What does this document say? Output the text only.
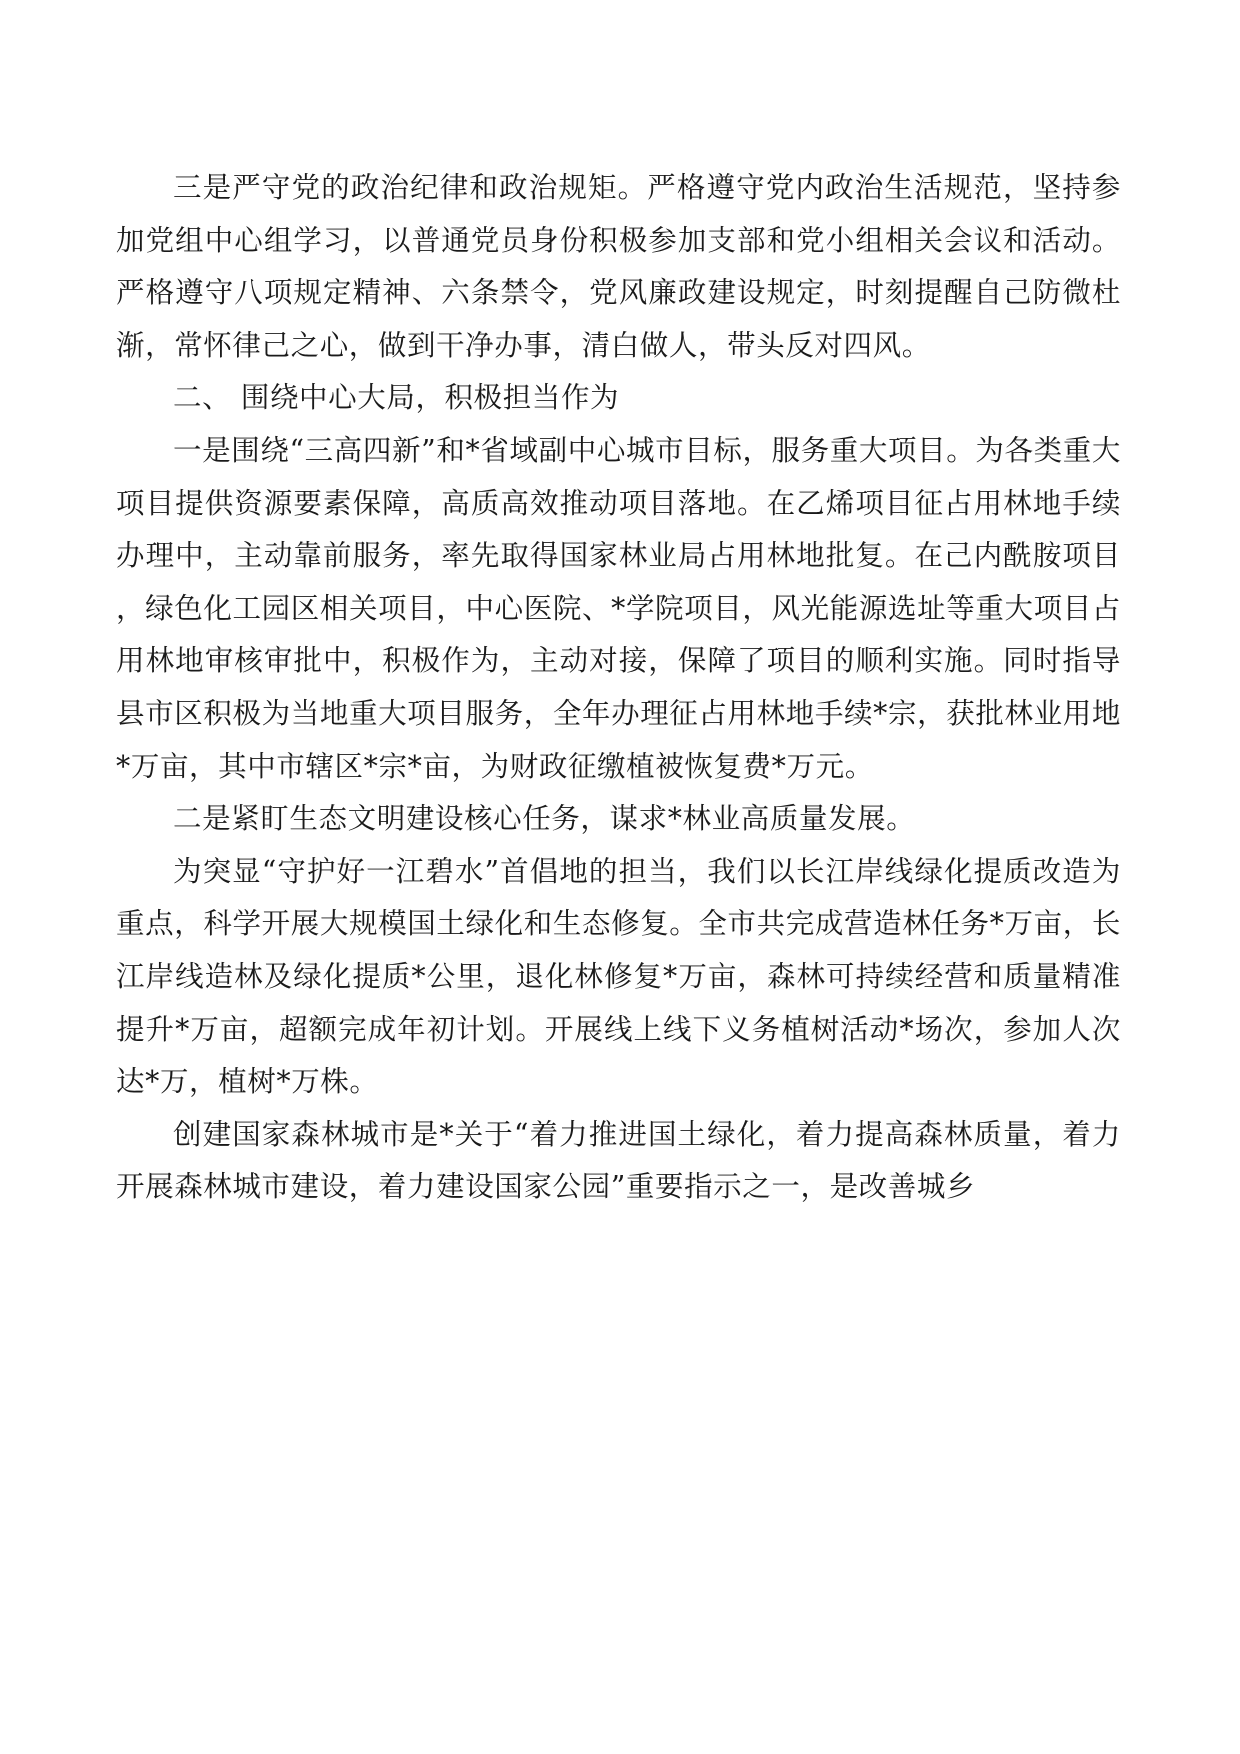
三是严守党的政治纪律和政治规矩。严格遵守党内政治生活规范，坚持参加党组中心组学习，以普通党员身份积极参加支部和党小组相关会议和活动。严格遵守八项规定精神、六条禁令，党风廉政建设规定，时刻提醒自己防微杜渐，常怀律己之心，做到干净办事，清白做人，带头反对四风。

二、 围绕中心大局，积极担当作为

一是围绕“三高四新”和*省域副中心城市目标，服务重大项目。为各类重大项目提供资源要素保障，高质高效推动项目落地。在乙烯项目征占用林地手续办理中，主动靠前服务，率先取得国家林业局占用林地批复。在己内酰胺项目，绿色化工园区相关项目，中心医院、*学院项目，风光能源选址等重大项目占用林地审核审批中，积极作为，主动对接，保障了项目的顺利实施。同时指导县市区积极为当地重大项目服务，全年办理征占用林地手续*宗，获批林业用地*万亩，其中市辖区*宗*亩，为财政征缴植被恢复费*万元。

二是紧盯生态文明建设核心任务，谋求*林业高质量发展。

为突显“守护好一江碧水”首倡地的担当，我们以长江岸线绿化提质改造为重点，科学开展大规模国土绿化和生态修复。全市共完成营造林任务*万亩，长江岸线造林及绿化提质*公里，退化林修复*万亩，森林可持续经营和质量精准提升*万亩，超额完成年初计划。开展线上线下义务植树活动*场次，参加人次达*万，植树*万株。

创建国家森林城市是*关于“着力推进国土绿化，着力提高森林质量，着力开展森林城市建设，着力建设国家公园”重要指示之一，是改善城乡
